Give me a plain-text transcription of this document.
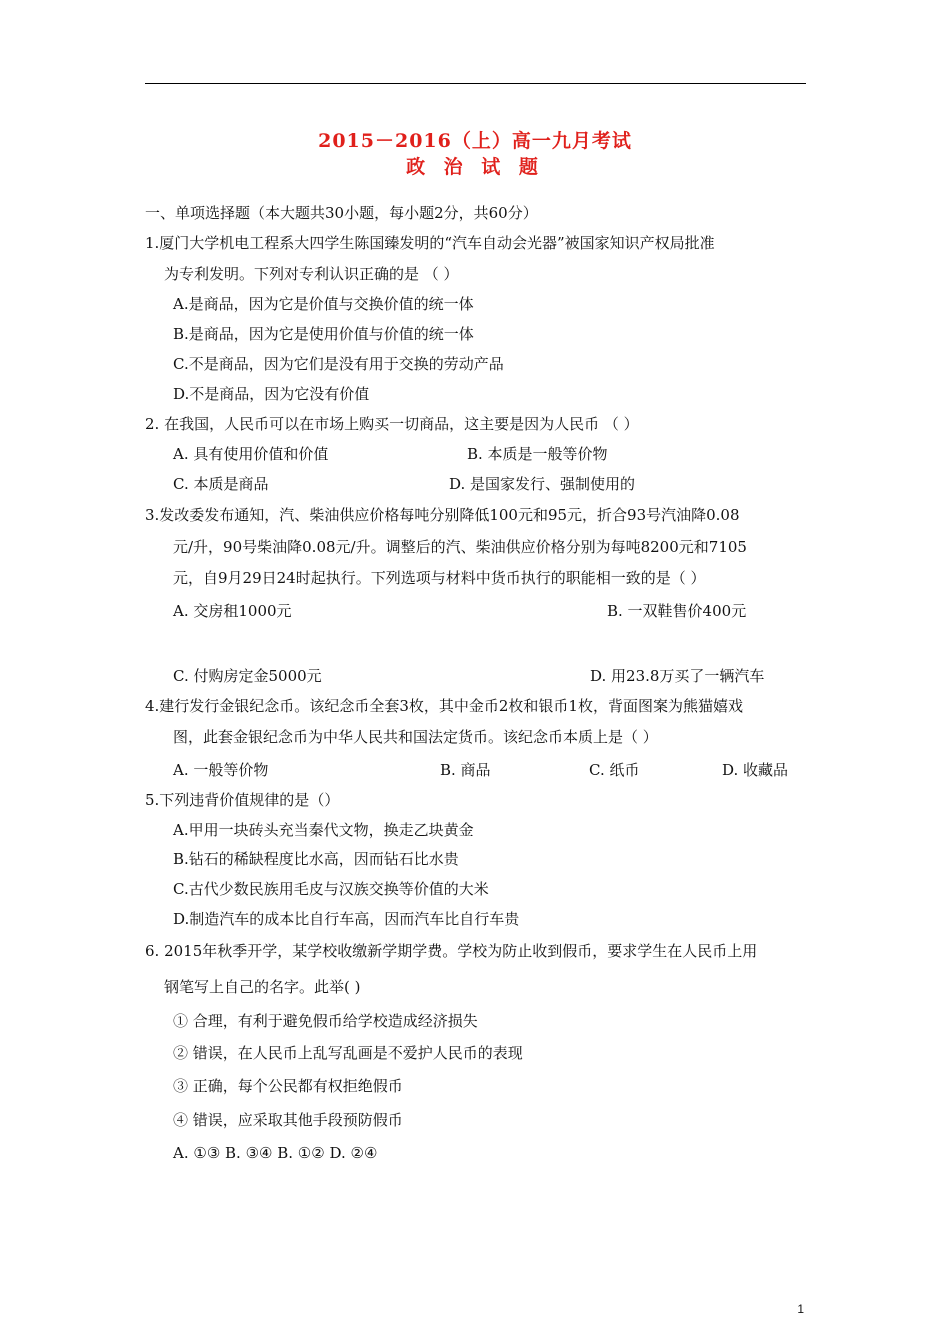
2015－2016（上）高一九月考试
政 治 试 题
一、单项选择题（本大题共30小题，每小题2分，共60分）
1.厦门大学机电工程系大四学生陈国臻发明的“汽车自动会光器”被国家知识产权局批准
为专利发明。下列对专利认识正确的是 （ ）
A.是商品，因为它是价值与交换价值的统一体
B.是商品，因为它是使用价值与价值的统一体
C.不是商品，因为它们是没有用于交换的劳动产品
D.不是商品，因为它没有价值
2. 在我国，人民币可以在市场上购买一切商品，这主要是因为人民币 （ ）
A. 具有使用价值和价值	B. 本质是一般等价物
C. 本质是商品	D. 是国家发行、强制使用的
3.发改委发布通知，汽、柴油供应价格每吨分别降低100元和95元，折合93号汽油降0.08
元/升，90号柴油降0.08元/升。调整后的汽、柴油供应价格分别为每吨8200元和7105
元，自9月29日24时起执行。下列选项与材料中货币执行的职能相一致的是（ ）
A. 交房租1000元	B. 一双鞋售价400元
C. 付购房定金5000元	D. 用23.8万买了一辆汽车
4.建行发行金银纪念币。该纪念币全套3枚，其中金币2枚和银币1枚，背面图案为熊猫嬉戏
图，此套金银纪念币为中华人民共和国法定货币。该纪念币本质上是（ ）
A. 一般等价物	B. 商品	C. 纸币	D. 收藏品
5.下列违背价值规律的是（）
A.甲用一块砖头充当秦代文物，换走乙块黄金
B.钻石的稀缺程度比水高，因而钻石比水贵
C.古代少数民族用毛皮与汉族交换等价值的大米
D.制造汽车的成本比自行车高，因而汽车比自行车贵
6. 2015年秋季开学，某学校收缴新学期学费。学校为防止收到假币，要求学生在人民币上用
钢笔写上自己的名字。此举( )
① 合理，有利于避免假币给学校造成经济损失
② 错误，在人民币上乱写乱画是不爱护人民币的表现
③ 正确，每个公民都有权拒绝假币
④ 错误，应采取其他手段预防假币
A. ①③ B. ③④ B. ①② D. ②④
1
